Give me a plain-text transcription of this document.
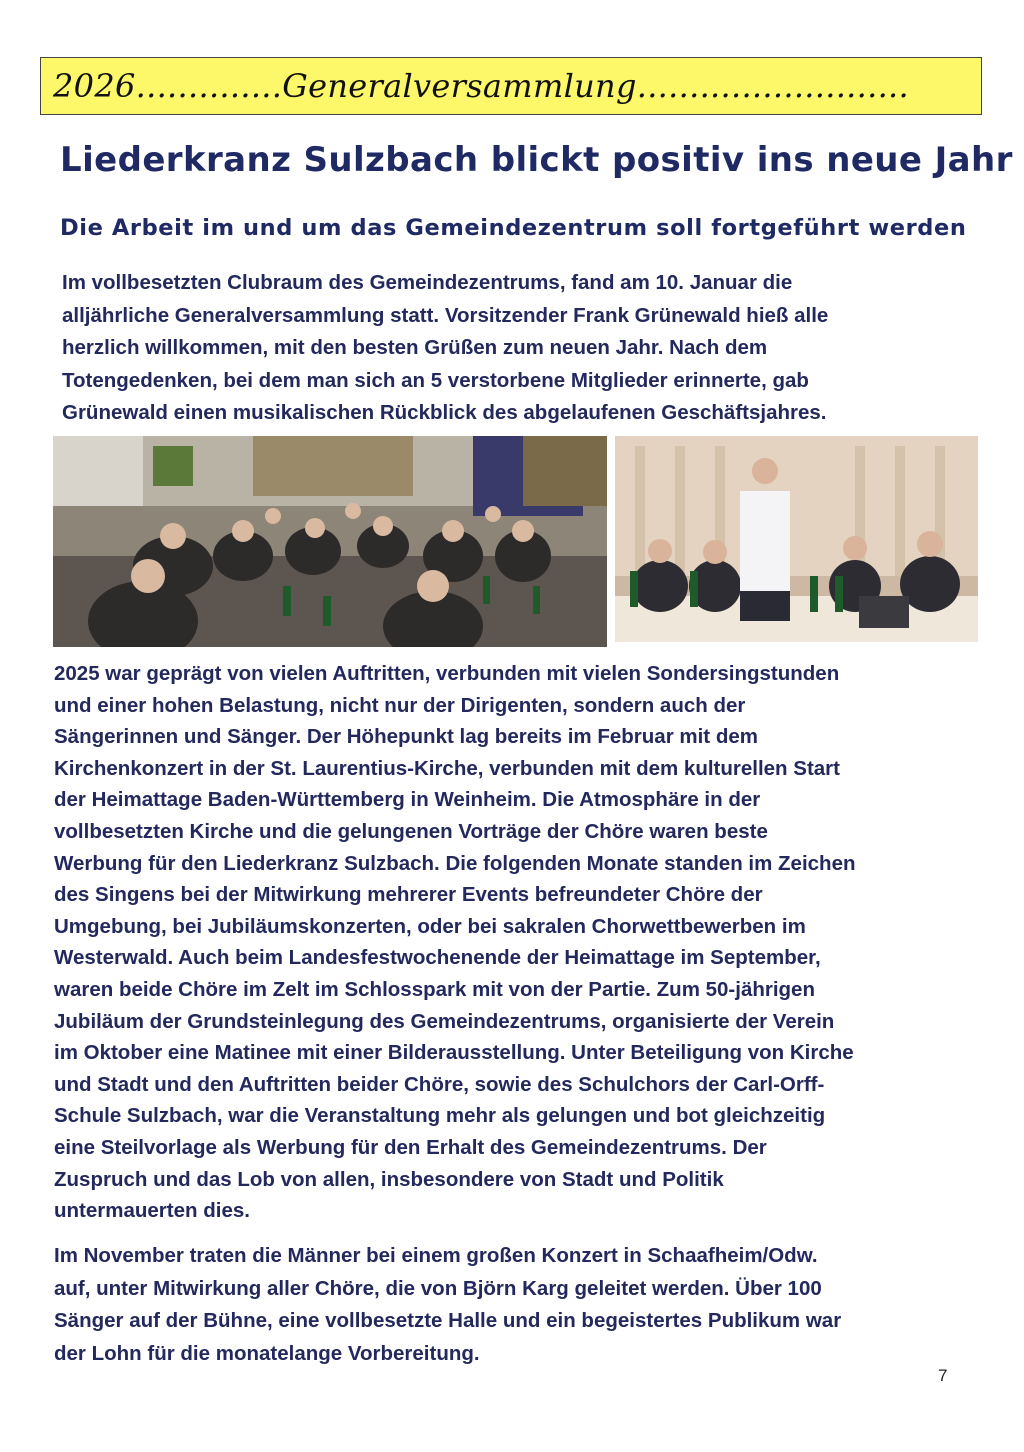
2026..............Generalversammlung..........................
Liederkranz Sulzbach blickt positiv ins neue Jahr
Die Arbeit im und um das Gemeindezentrum soll fortgeführt werden

Im vollbesetzten Clubraum des Gemeindezentrums, fand am 10. Januar die
alljährliche Generalversammlung statt. Vorsitzender Frank Grünewald hieß alle
herzlich willkommen, mit den besten Grüßen zum neuen Jahr. Nach dem
Totengedenken, bei dem man sich an 5 verstorbene Mitglieder erinnerte, gab
Grünewald einen musikalischen Rückblick des abgelaufenen Geschäftsjahres.

2025 war geprägt von vielen Auftritten, verbunden mit vielen Sondersingstunden
und einer hohen Belastung, nicht nur der Dirigenten, sondern auch der
Sängerinnen und Sänger. Der Höhepunkt lag bereits im Februar mit dem
Kirchenkonzert in der St. Laurentius-Kirche, verbunden mit dem kulturellen Start
der Heimattage Baden-Württemberg in Weinheim. Die Atmosphäre in der
vollbesetzten Kirche und die gelungenen Vorträge der Chöre waren beste
Werbung für den Liederkranz Sulzbach. Die folgenden Monate standen im Zeichen
des Singens bei der Mitwirkung mehrerer Events befreundeter Chöre der
Umgebung, bei Jubiläumskonzerten, oder bei sakralen Chorwettbewerben im
Westerwald. Auch beim Landesfestwochenende der Heimattage im September,
waren beide Chöre im Zelt im Schlosspark mit von der Partie. Zum 50-jährigen
Jubiläum der Grundsteinlegung des Gemeindezentrums, organisierte der Verein
im Oktober eine Matinee mit einer Bilderausstellung. Unter Beteiligung von Kirche
und Stadt und den Auftritten beider Chöre, sowie des Schulchors der Carl-Orff-
Schule Sulzbach, war die Veranstaltung mehr als gelungen und bot gleichzeitig
eine Steilvorlage als Werbung für den Erhalt des Gemeindezentrums. Der
Zuspruch und das Lob von allen, insbesondere von Stadt und Politik
untermauerten dies.

Im November traten die Männer bei einem großen Konzert in Schaafheim/Odw.
auf, unter Mitwirkung aller Chöre, die von Björn Karg geleitet werden. Über 100
Sänger auf der Bühne, eine vollbesetzte Halle und ein begeistertes Publikum war
der Lohn für die monatelange Vorbereitung.

7
